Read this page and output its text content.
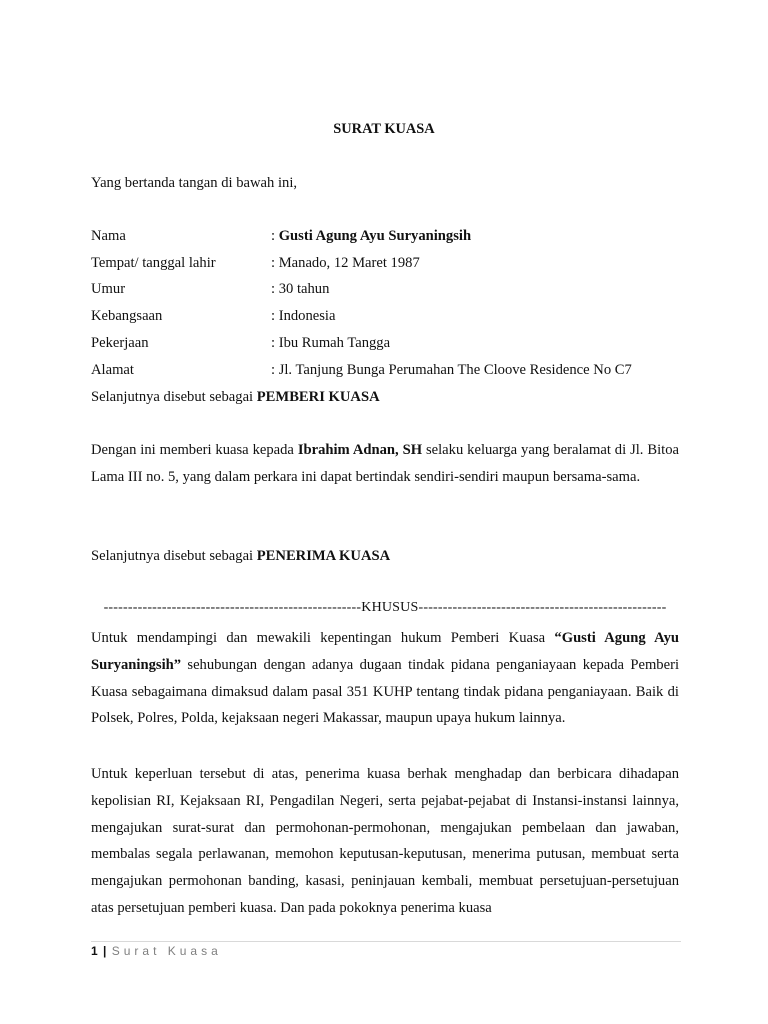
SURAT KUASA
Yang bertanda tangan di bawah ini,
Nama	: Gusti Agung Ayu Suryaningsih
Tempat/ tanggal lahir	: Manado, 12 Maret 1987
Umur	: 30 tahun
Kebangsaan	: Indonesia
Pekerjaan	: Ibu Rumah Tangga
Alamat	: Jl. Tanjung Bunga Perumahan The Cloove Residence No C7
Selanjutnya disebut sebagai PEMBERI KUASA
Dengan ini memberi kuasa kepada Ibrahim Adnan, SH selaku keluarga yang beralamat di Jl. Bitoa Lama III no. 5, yang dalam perkara ini dapat bertindak sendiri-sendiri maupun bersama-sama.
Selanjutnya disebut sebagai PENERIMA KUASA
-----------------------------------------------------KHUSUS---------------------------------------------------
Untuk mendampingi dan mewakili kepentingan hukum Pemberi Kuasa “Gusti Agung Ayu Suryaningsih” sehubungan dengan adanya dugaan tindak pidana penganiayaan kepada Pemberi Kuasa sebagaimana dimaksud dalam pasal 351 KUHP tentang tindak pidana penganiayaan. Baik di Polsek, Polres, Polda, kejaksaan negeri Makassar, maupun upaya hukum lainnya.
Untuk keperluan tersebut di atas, penerima kuasa berhak menghadap dan berbicara dihadapan kepolisian RI, Kejaksaan RI, Pengadilan Negeri, serta pejabat-pejabat di Instansi-instansi lainnya, mengajukan surat-surat dan permohonan-permohonan, mengajukan pembelaan dan jawaban, membalas segala perlawanan, memohon keputusan-keputusan, menerima putusan, membuat serta mengajukan permohonan banding, kasasi, peninjauan kembali, membuat persetujuan-persetujuan atas persetujuan pemberi kuasa. Dan pada pokoknya penerima kuasa
1 | Surat Kuasa
